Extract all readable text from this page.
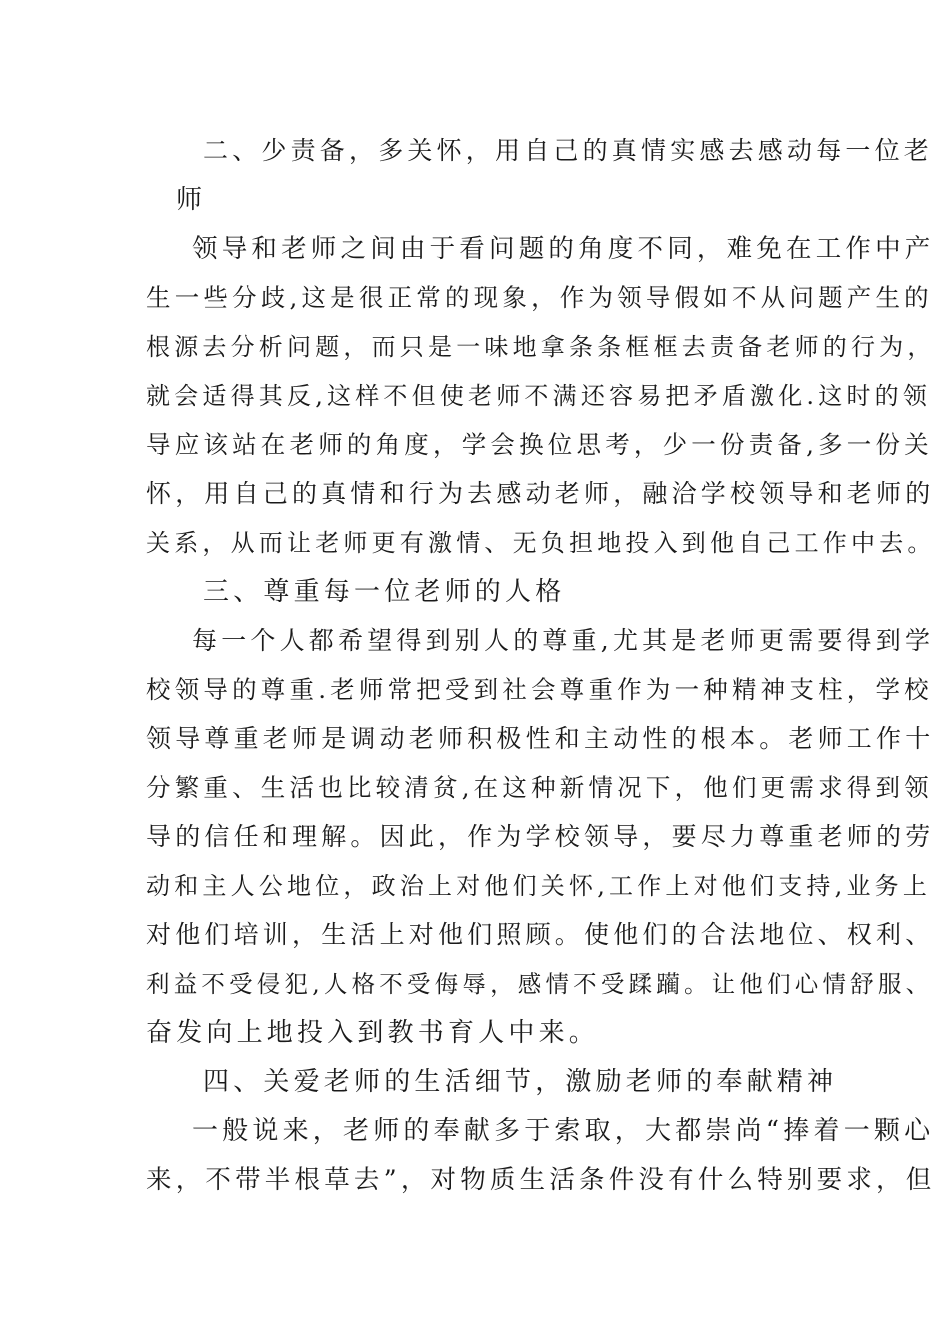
二、少责备，多关怀，用自己的真情实感去感动每一位老
师
领导和老师之间由于看问题的角度不同，难免在工作中产
生一些分歧,这是很正常的现象，作为领导假如不从问题产生的
根源去分析问题，而只是一味地拿条条框框去责备老师的行为，
就会适得其反,这样不但使老师不满还容易把矛盾激化.这时的领
导应该站在老师的角度，学会换位思考，少一份责备,多一份关
怀，用自己的真情和行为去感动老师，融洽学校领导和老师的
关系，从而让老师更有激情、无负担地投入到他自己工作中去。
三、尊重每一位老师的人格
每一个人都希望得到别人的尊重,尤其是老师更需要得到学
校领导的尊重.老师常把受到社会尊重作为一种精神支柱，学校
领导尊重老师是调动老师积极性和主动性的根本。老师工作十
分繁重、生活也比较清贫,在这种新情况下，他们更需求得到领
导的信任和理解。因此，作为学校领导，要尽力尊重老师的劳
动和主人公地位，政治上对他们关怀,工作上对他们支持,业务上
对他们培训，生活上对他们照顾。使他们的合法地位、权利、
利益不受侵犯,人格不受侮辱，感情不受蹂躏。让他们心情舒服、
奋发向上地投入到教书育人中来。
四、关爱老师的生活细节，激励老师的奉献精神
一般说来，老师的奉献多于索取，大都崇尚“捧着一颗心
来，不带半根草去”，对物质生活条件没有什么特别要求，但
